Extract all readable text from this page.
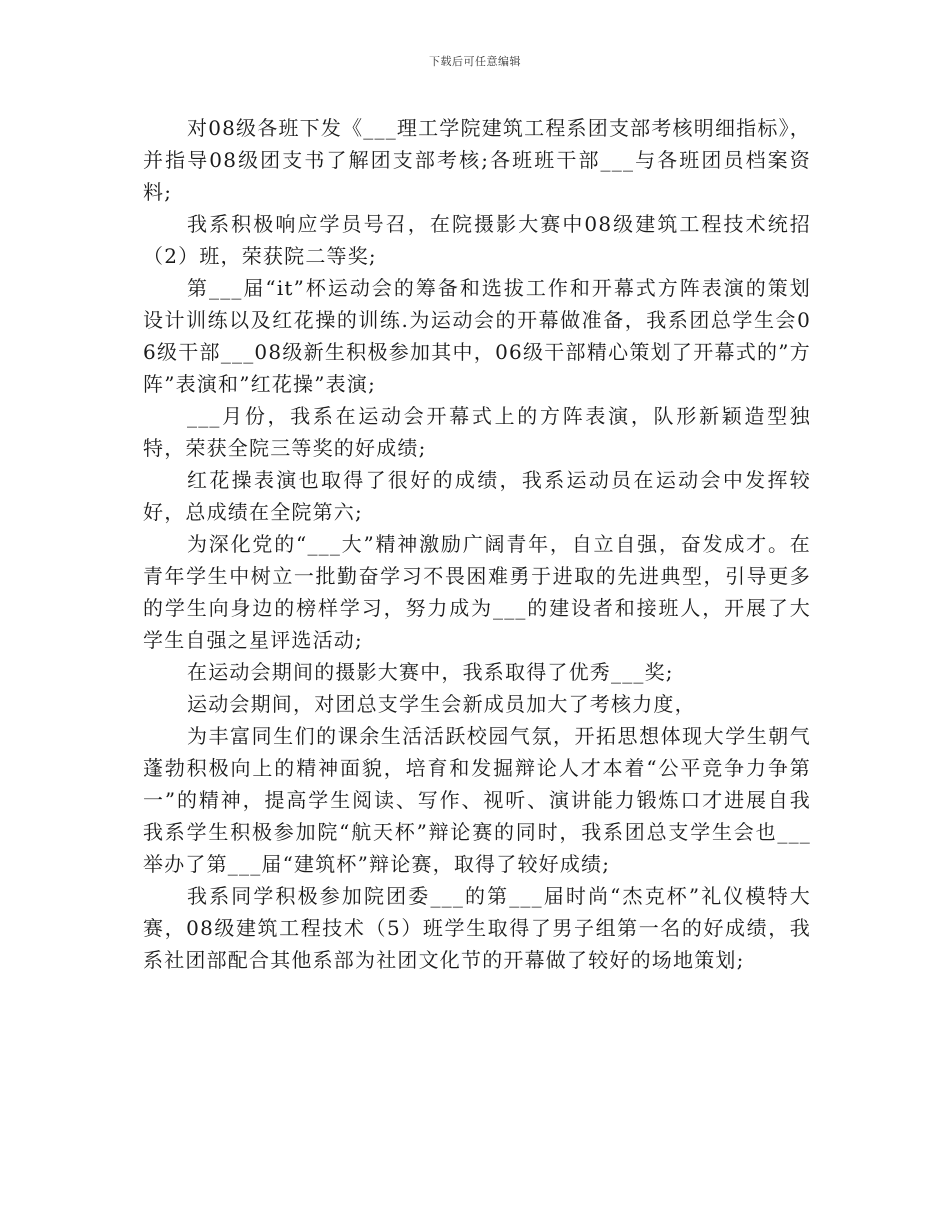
下载后可任意编辑

对08级各班下发《___理工学院建筑工程系团支部考核明细指标》，并指导08级团支书了解团支部考核;各班班干部___与各班团员档案资料;

我系积极响应学员号召，在院摄影大赛中08级建筑工程技术统招（2）班，荣获院二等奖;

第___届“it”杯运动会的筹备和选拔工作和开幕式方阵表演的策划设计训练以及红花操的训练.为运动会的开幕做准备，我系团总学生会06级干部___08级新生积极参加其中，06级干部精心策划了开幕式的”方阵”表演和”红花操”表演;

___月份，我系在运动会开幕式上的方阵表演，队形新颖造型独特，荣获全院三等奖的好成绩;

红花操表演也取得了很好的成绩，我系运动员在运动会中发挥较好，总成绩在全院第六;

为深化党的“___大”精神激励广阔青年，自立自强，奋发成才。在青年学生中树立一批勤奋学习不畏困难勇于进取的先进典型，引导更多的学生向身边的榜样学习，努力成为___的建设者和接班人，开展了大学生自强之星评选活动;

在运动会期间的摄影大赛中，我系取得了优秀___奖;

运动会期间，对团总支学生会新成员加大了考核力度，

为丰富同生们的课余生活活跃校园气氛，开拓思想体现大学生朝气蓬勃积极向上的精神面貌，培育和发掘辩论人才本着“公平竞争力争第一”的精神，提高学生阅读、写作、视听、演讲能力锻炼口才进展自我我系学生积极参加院“航天杯”辩论赛的同时，我系团总支学生会也___举办了第___届“建筑杯”辩论赛，取得了较好成绩;

我系同学积极参加院团委___的第___届时尚“杰克杯”礼仪模特大赛，08级建筑工程技术（5）班学生取得了男子组第一名的好成绩，我系社团部配合其他系部为社团文化节的开幕做了较好的场地策划;
